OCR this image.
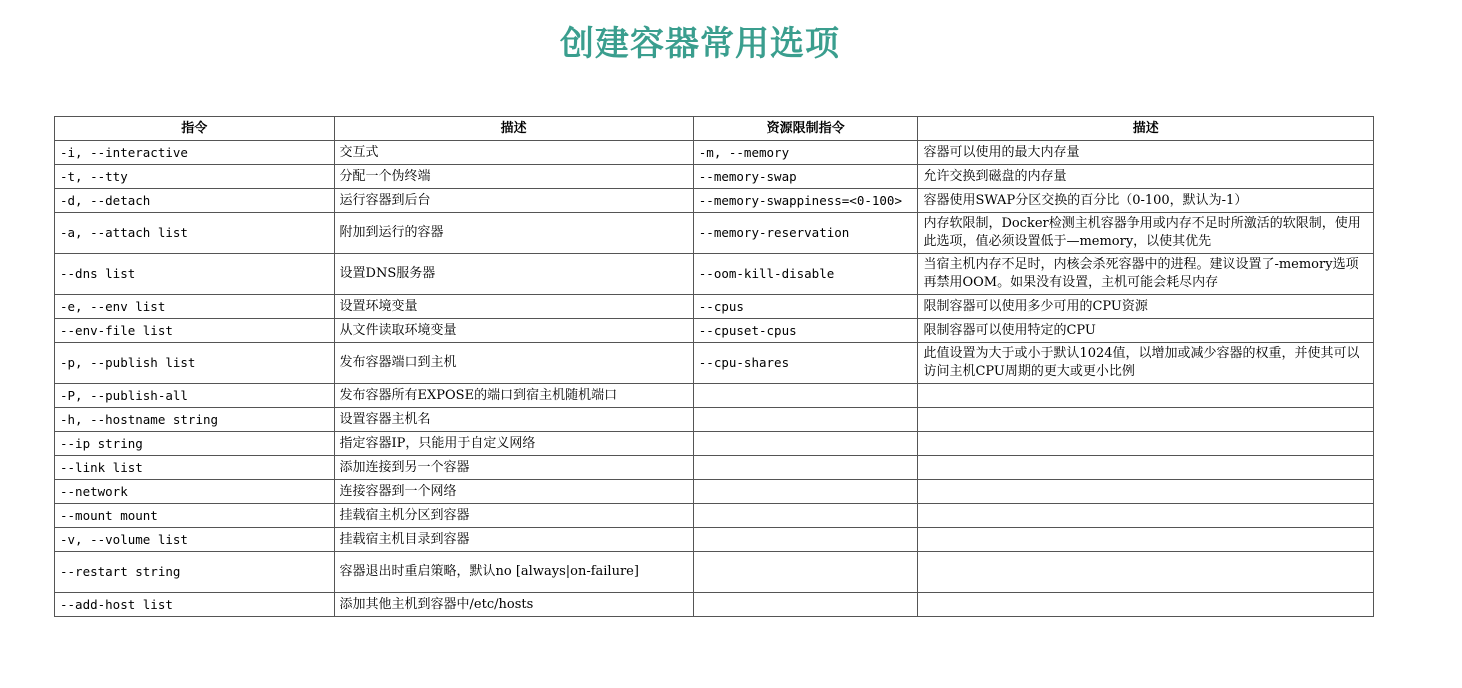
创建容器常用选项
指令	描述	资源限制指令	描述
-i, --interactive	交互式	-m, --memory	容器可以使用的最大内存量
-t, --tty	分配一个伪终端	--memory-swap	允许交换到磁盘的内存量
-d, --detach	运行容器到后台	--memory-swappiness=<0-100>	容器使用SWAP分区交换的百分比（0-100，默认为-1）
-a, --attach list	附加到运行的容器	--memory-reservation	内存软限制，Docker检测主机容器争用或内存不足时所激活的软限制，使用此选项，值必须设置低于—memory，以使其优先
--dns list	设置DNS服务器	--oom-kill-disable	当宿主机内存不足时，内核会杀死容器中的进程。建议设置了-memory选项再禁用OOM。如果没有设置，主机可能会耗尽内存
-e, --env list	设置环境变量	--cpus	限制容器可以使用多少可用的CPU资源
--env-file list	从文件读取环境变量	--cpuset-cpus	限制容器可以使用特定的CPU
-p, --publish list	发布容器端口到主机	--cpu-shares	此值设置为大于或小于默认1024值，以增加或减少容器的权重，并使其可以访问主机CPU周期的更大或更小比例
-P, --publish-all	发布容器所有EXPOSE的端口到宿主机随机端口		
-h, --hostname string	设置容器主机名		
--ip string	指定容器IP，只能用于自定义网络		
--link list	添加连接到另一个容器		
--network	连接容器到一个网络		
--mount mount	挂载宿主机分区到容器		
-v, --volume list	挂载宿主机目录到容器		
--restart string	容器退出时重启策略，默认no [always|on-failure]		
--add-host list	添加其他主机到容器中/etc/hosts		
